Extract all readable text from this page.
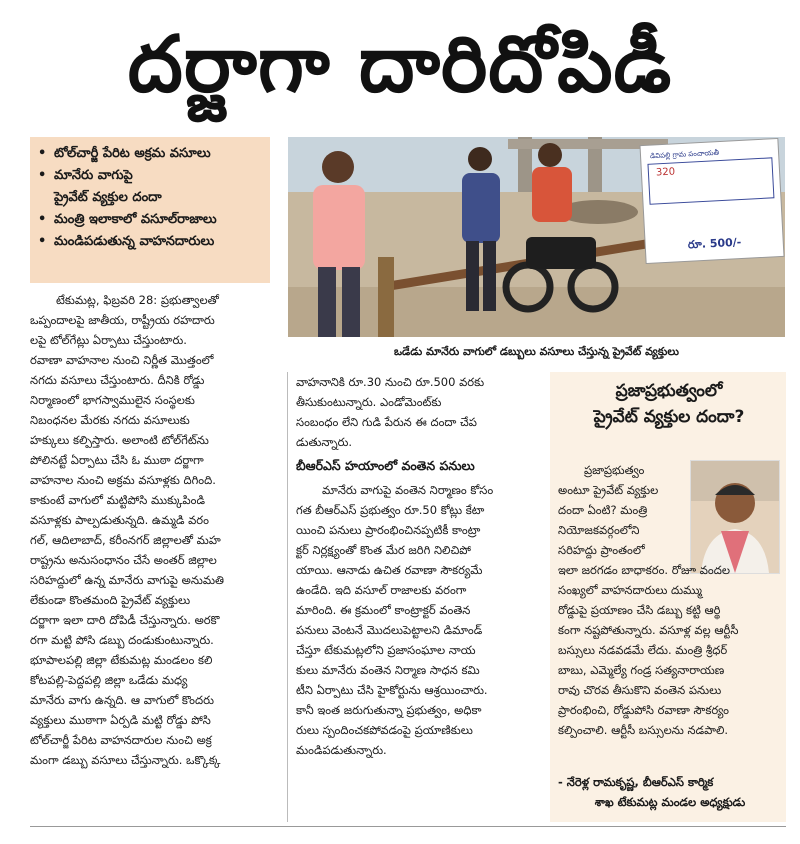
దర్జాగా దారిదోపిడీ
• టోల్‌చార్జీ పేరిట అక్రమ వసూలు
• మానేరు వాగుపై
ప్రైవేట్ వ్యక్తుల దందా
• మంత్రి ఇలాకాలో వసూల్‌రాజాలు
• మండిపడుతున్న వాహనదారులు
డివిపల్లి గ్రామ పంచాయతీ
320
రూ. 500/-
ఒడేడు మానేరు వాగులో డబ్బులు వసూలు చేస్తున్న ప్రైవేట్ వ్యక్తులు
టేకుమట్ల, ఫిబ్రవరి 28: ప్రభుత్వాలతో
ఒప్పందాలపై జాతీయ, రాష్ట్రీయ రహదారు
లపై టోల్‌గేట్లు ఏర్పాటు చేస్తుంటారు.
రవాణా వాహనాల నుంచి నిర్ణీత మొత్తంలో
నగదు వసూలు చేస్తుంటారు. దీనికి రోడ్డు
నిర్మాణంలో భాగస్వాములైన సంస్థలకు
నిబంధనల మేరకు నగదు వసూలుకు
హక్కులు కల్పిస్తారు. అలాంటి టోల్‌గేట్‌ను
పోలినట్టే ఏర్పాటు చేసి ఓ ముఠా దర్జాగా
వాహనాల నుంచి అక్రమ వసూళ్లకు దిగింది.
కాకుంటే వాగులో మట్టిపోసి ముక్కుపిండి
వసూళ్లకు పాల్పడుతున్నది. ఉమ్మడి వరం
గల్, ఆదిలాబాద్, కరీంనగర్ జిల్లాలతో మహ
రాష్ట్రను అనుసంధానం చేసే అంతర్ జిల్లాల
సరిహద్దులో ఉన్న మానేరు వాగుపై అనుమతి
లేకుండా కొంతమంది ప్రైవేట్ వ్యక్తులు
దర్జాగా ఇలా దారి దోపిడీ చేస్తున్నారు. అరకొ
రగా మట్టి పోసి డబ్బు దండుకుంటున్నారు.
భూపాలపల్లి జిల్లా టేకుమట్ల మండలం కలి
కోటపల్లి-పెద్దపల్లి జిల్లా ఒడేడు మధ్య
మానేరు వాగు ఉన్నది. ఆ వాగులో కొందరు
వ్యక్తులు ముఠాగా ఏర్పడి మట్టి రోడ్డు పోసి
టోల్‌చార్జీ పేరిట వాహనదారుల నుంచి అక్ర
మంగా డబ్బు వసూలు చేస్తున్నారు. ఒక్కొక్క
వాహనానికి రూ.30 నుంచి రూ.500 వరకు
తీసుకుంటున్నారు. ఎండోమెంట్‌కు
సంబంధం లేని గుడి పేరున ఈ దందా చేప
డుతున్నారు.
బీఆర్‌ఎస్ హయాంలో వంతెన పనులు
మానేరు వాగుపై వంతెన నిర్మాణం కోసం
గత బీఆర్‌ఎస్ ప్రభుత్వం రూ.50 కోట్లు కేటా
యించి పనులు ప్రారంభించినప్పటికీ కాంట్రా
క్టర్ నిర్లక్ష్యంతో కొంత మేర జరిగి నిలిచిపో
యాయి. ఆనాడు ఉచిత రవాణా సౌకర్యమే
ఉండేది. ఇది వసూల్ రాజాలకు వరంగా
మారింది. ఈ క్రమంలో కాంట్రాక్టర్ వంతెన
పనులు వెంటనే మొదలుపెట్టాలని డిమాండ్
చేస్తూ టేకుమట్లలోని ప్రజాసంఘాల నాయ
కులు మానేరు వంతెన నిర్మాణ సాధన కమి
టీని ఏర్పాటు చేసి హైకోర్టును ఆశ్రయించారు.
కానీ ఇంత జరుగుతున్నా ప్రభుత్వం, అధికా
రులు స్పందించకపోవడంపై ప్రయాణికులు
మండిపడుతున్నారు.
ప్రజాప్రభుత్వంలో
ప్రైవేట్ వ్యక్తుల దందా?
ప్రజాప్రభుత్వం
అంటూ ప్రైవేట్ వ్యక్తుల
దందా ఏంటి? మంత్రి
నియోజకవర్గంలోని
సరిహద్దు ప్రాంతంలో
ఇలా జరగడం బాధాకరం. రోజూ వందల
సంఖ్యలో వాహనదారులు దుమ్ము
రోడ్డుపై ప్రయాణం చేసి డబ్బు కట్టి ఆర్థి
కంగా నష్టపోతున్నారు. వసూళ్ల వల్ల ఆర్టీసీ
బస్సులు నడవడమే లేదు. మంత్రి శ్రీధర్
బాబు, ఎమ్మెల్యే గండ్ర సత్యనారాయణ
రావు చొరవ తీసుకొని వంతెన పనులు
ప్రారంభించి, రోడ్డుపోసి రవాణా సౌకర్యం
కల్పించాలి. ఆర్టీసీ బస్సులను నడపాలి.
- నేరెళ్ల రామకృష్ణ, బీఆర్‌ఎస్ కార్మిక
శాఖ టేకుమట్ల మండల అధ్యక్షుడు
